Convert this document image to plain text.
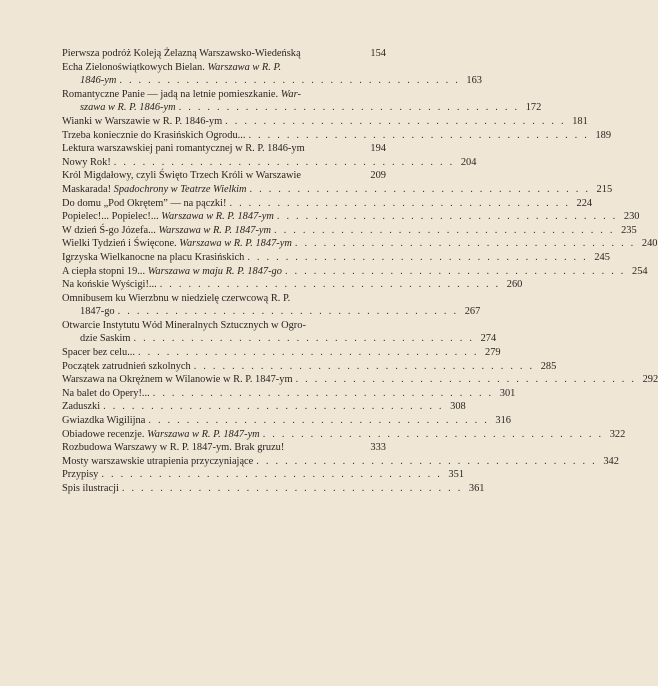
Pierwsza podróż Koleją Żelazną Warszawsko-Wiedeńską	154
Echa Zielonoświątkowych Bielan. Warszawa w R. P.
1846-ym . . . . . . . . . . . . . . . . . . . . . . . . . . . . . . . . . . . . 163
Romantyczne Panie — jadą na letnie pomieszkanie. War-
szawa w R. P. 1846-ym . . . . . . . . . . . . . . . . . . . . . . . . . . . . . . . . . . . . 172
Wianki w Warszawie w R. P. 1846-ym . . . . . . . . . . . . . . . . . . . . . . . . . . . . . . . . . . . . 181
Trzeba koniecznie do Krasińskich Ogrodu... . . . . . . . . . . . . . . . . . . . . . . . . . . . . . . . . . . . . 189
Lektura warszawskiej pani romantycznej w R. P. 1846-ym	194
Nowy Rok! . . . . . . . . . . . . . . . . . . . . . . . . . . . . . . . . . . . . 204
Król Migdałowy, czyli Święto Trzech Króli w Warszawie	209
Maskarada! Spadochrony w Teatrze Wielkim . . . . . . . . . . . . . . . . . . . . . . . . . . . . . . . . . . . . 215
Do domu „Pod Okrętem” — na pączki! . . . . . . . . . . . . . . . . . . . . . . . . . . . . . . . . . . . . 224
Popielec!... Popielec!... Warszawa w R. P. 1847-ym . . . . . . . . . . . . . . . . . . . . . . . . . . . . . . . . . . . . 230
W dzień Ś-go Józefa... Warszawa w R. P. 1847-ym . . . . . . . . . . . . . . . . . . . . . . . . . . . . . . . . . . . . 235
Wielki Tydzień i Święcone. Warszawa w R. P. 1847-ym . . . . . . . . . . . . . . . . . . . . . . . . . . . . . . . . . . . . 240
Igrzyska Wielkanocne na placu Krasińskich . . . . . . . . . . . . . . . . . . . . . . . . . . . . . . . . . . . . 245
A ciepła stopni 19... Warszawa w maju R. P. 1847-go . . . . . . . . . . . . . . . . . . . . . . . . . . . . . . . . . . . . 254
Na końskie Wyścigi!... . . . . . . . . . . . . . . . . . . . . . . . . . . . . . . . . . . . . 260
Omnibusem ku Wierzbnu w niedzielę czerwcową R. P.
1847-go . . . . . . . . . . . . . . . . . . . . . . . . . . . . . . . . . . . . 267
Otwarcie Instytutu Wód Mineralnych Sztucznych w Ogro-
dzie Saskim . . . . . . . . . . . . . . . . . . . . . . . . . . . . . . . . . . . . 274
Spacer bez celu... . . . . . . . . . . . . . . . . . . . . . . . . . . . . . . . . . . . . 279
Początek zatrudnień szkolnych . . . . . . . . . . . . . . . . . . . . . . . . . . . . . . . . . . . . 285
Warszawa na Okrężnem w Wilanowie w R. P. 1847-ym . . . . . . . . . . . . . . . . . . . . . . . . . . . . . . . . . . . . 292
Na balet do Opery!... . . . . . . . . . . . . . . . . . . . . . . . . . . . . . . . . . . . . 301
Zaduszki . . . . . . . . . . . . . . . . . . . . . . . . . . . . . . . . . . . . 308
Gwiazdka Wigilijna . . . . . . . . . . . . . . . . . . . . . . . . . . . . . . . . . . . . 316
Obiadowe recenzje. Warszawa w R. P. 1847-ym . . . . . . . . . . . . . . . . . . . . . . . . . . . . . . . . . . . . 322
Rozbudowa Warszawy w R. P. 1847-ym. Brak gruzu!	333
Mosty warszawskie utrapienia przyczyniające . . . . . . . . . . . . . . . . . . . . . . . . . . . . . . . . . . . . 342
Przypisy . . . . . . . . . . . . . . . . . . . . . . . . . . . . . . . . . . . . 351
Spis ilustracji . . . . . . . . . . . . . . . . . . . . . . . . . . . . . . . . . . . . 361
